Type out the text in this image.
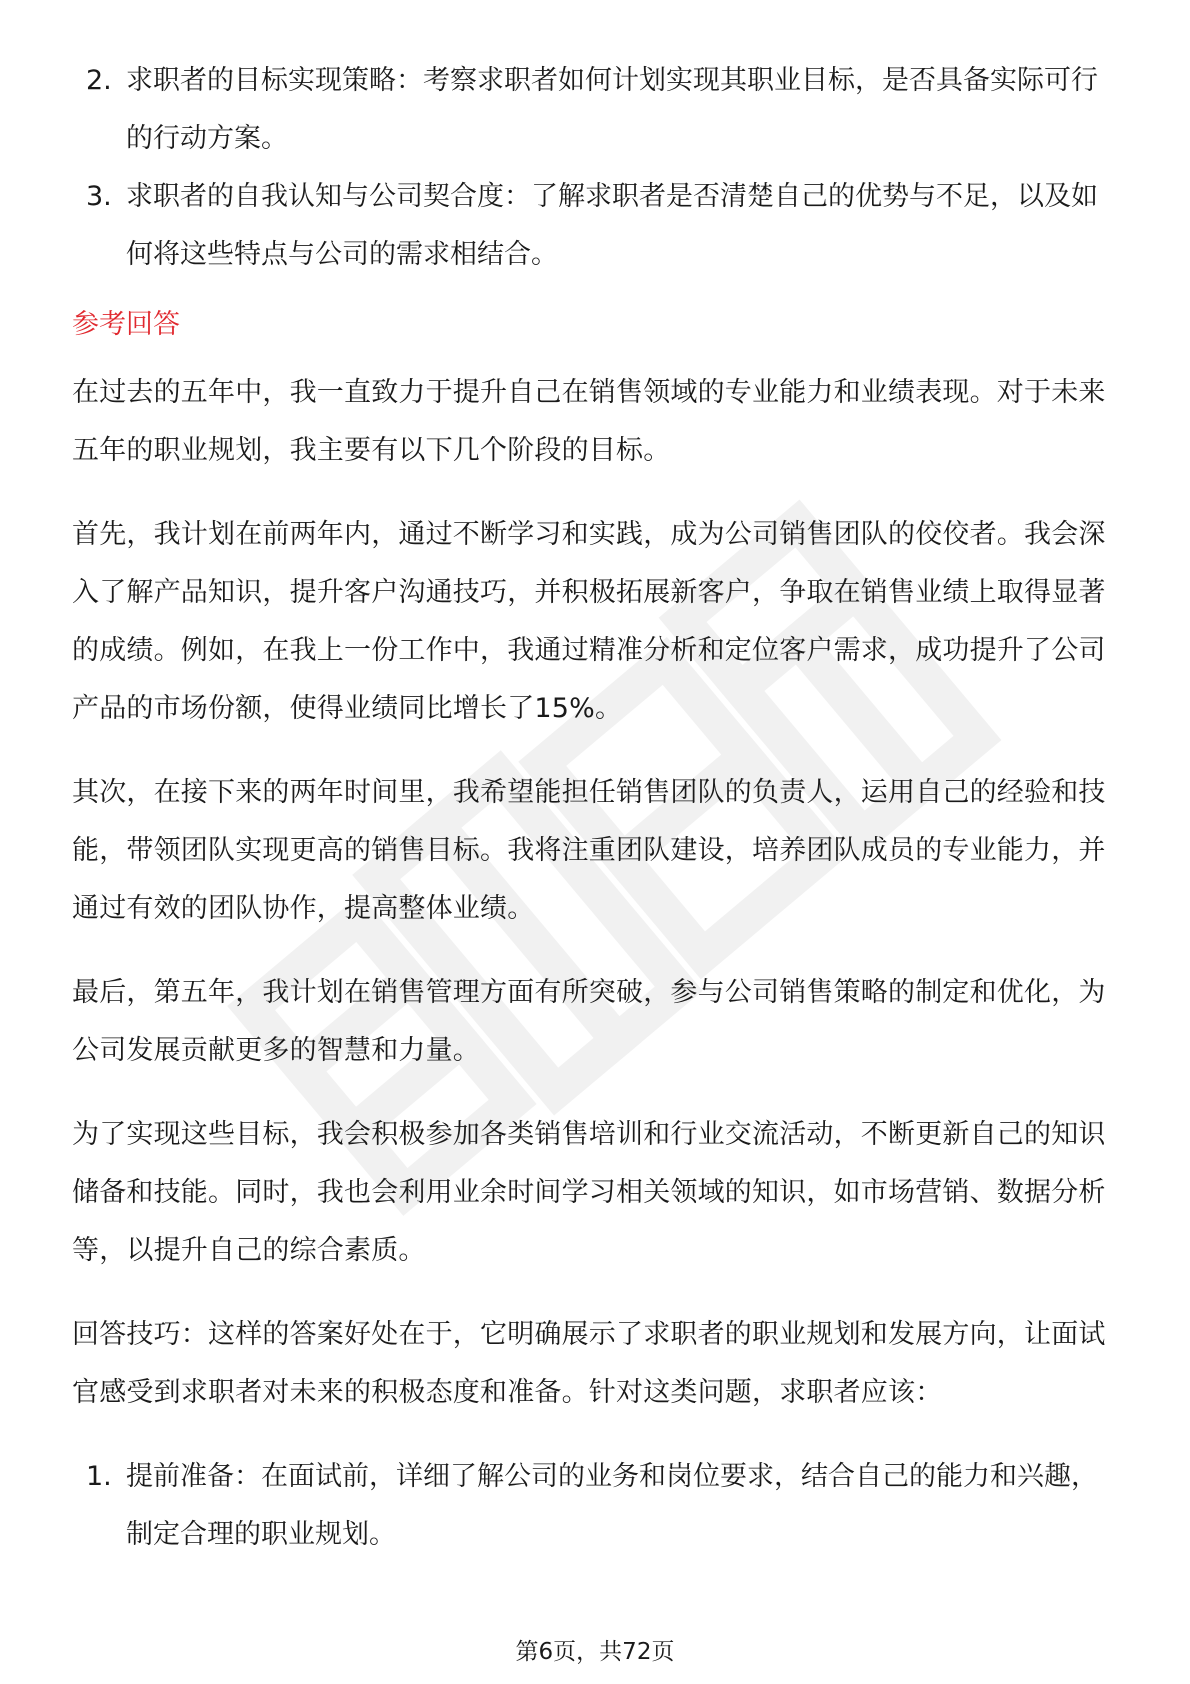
2. 求职者的目标实现策略：考察求职者如何计划实现其职业目标，是否具备实际可行的行动方案。
3. 求职者的自我认知与公司契合度：了解求职者是否清楚自己的优势与不足，以及如何将这些特点与公司的需求相结合。
参考回答

在过去的五年中，我一直致力于提升自己在销售领域的专业能力和业绩表现。对于未来五年的职业规划，我主要有以下几个阶段的目标。

首先，我计划在前两年内，通过不断学习和实践，成为公司销售团队的佼佼者。我会深入了解产品知识，提升客户沟通技巧，并积极拓展新客户，争取在销售业绩上取得显著的成绩。例如，在我上一份工作中，我通过精准分析和定位客户需求，成功提升了公司产品的市场份额，使得业绩同比增长了15%。

其次，在接下来的两年时间里，我希望能担任销售团队的负责人，运用自己的经验和技能，带领团队实现更高的销售目标。我将注重团队建设，培养团队成员的专业能力，并通过有效的团队协作，提高整体业绩。

最后，第五年，我计划在销售管理方面有所突破，参与公司销售策略的制定和优化，为公司发展贡献更多的智慧和力量。

为了实现这些目标，我会积极参加各类销售培训和行业交流活动，不断更新自己的知识储备和技能。同时，我也会利用业余时间学习相关领域的知识，如市场营销、数据分析等，以提升自己的综合素质。

回答技巧：这样的答案好处在于，它明确展示了求职者的职业规划和发展方向，让面试官感受到求职者对未来的积极态度和准备。针对这类问题，求职者应该：

1. 提前准备：在面试前，详细了解公司的业务和岗位要求，结合自己的能力和兴趣，制定合理的职业规划。
第6页，共72页
